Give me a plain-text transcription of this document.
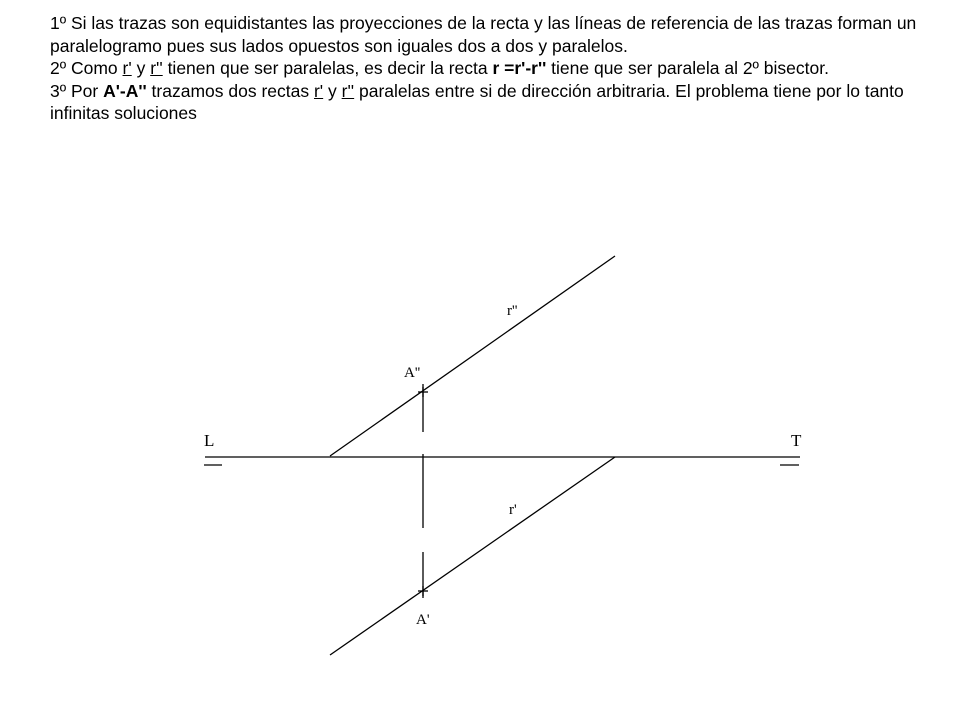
1º Si las trazas son equidistantes las proyecciones de la recta y las líneas de referencia de las trazas forman un paralelogramo pues sus lados opuestos son iguales dos a dos y paralelos.

2º Como r' y r'' tienen que ser paralelas, es decir la recta r =r'-r'' tiene que ser paralela al 2º bisector.

3º Por A'-A'' trazamos dos rectas r' y r'' paralelas entre si de dirección arbitraria. El problema tiene por lo tanto infinitas soluciones

L	T
r''
r'
A''
A'
